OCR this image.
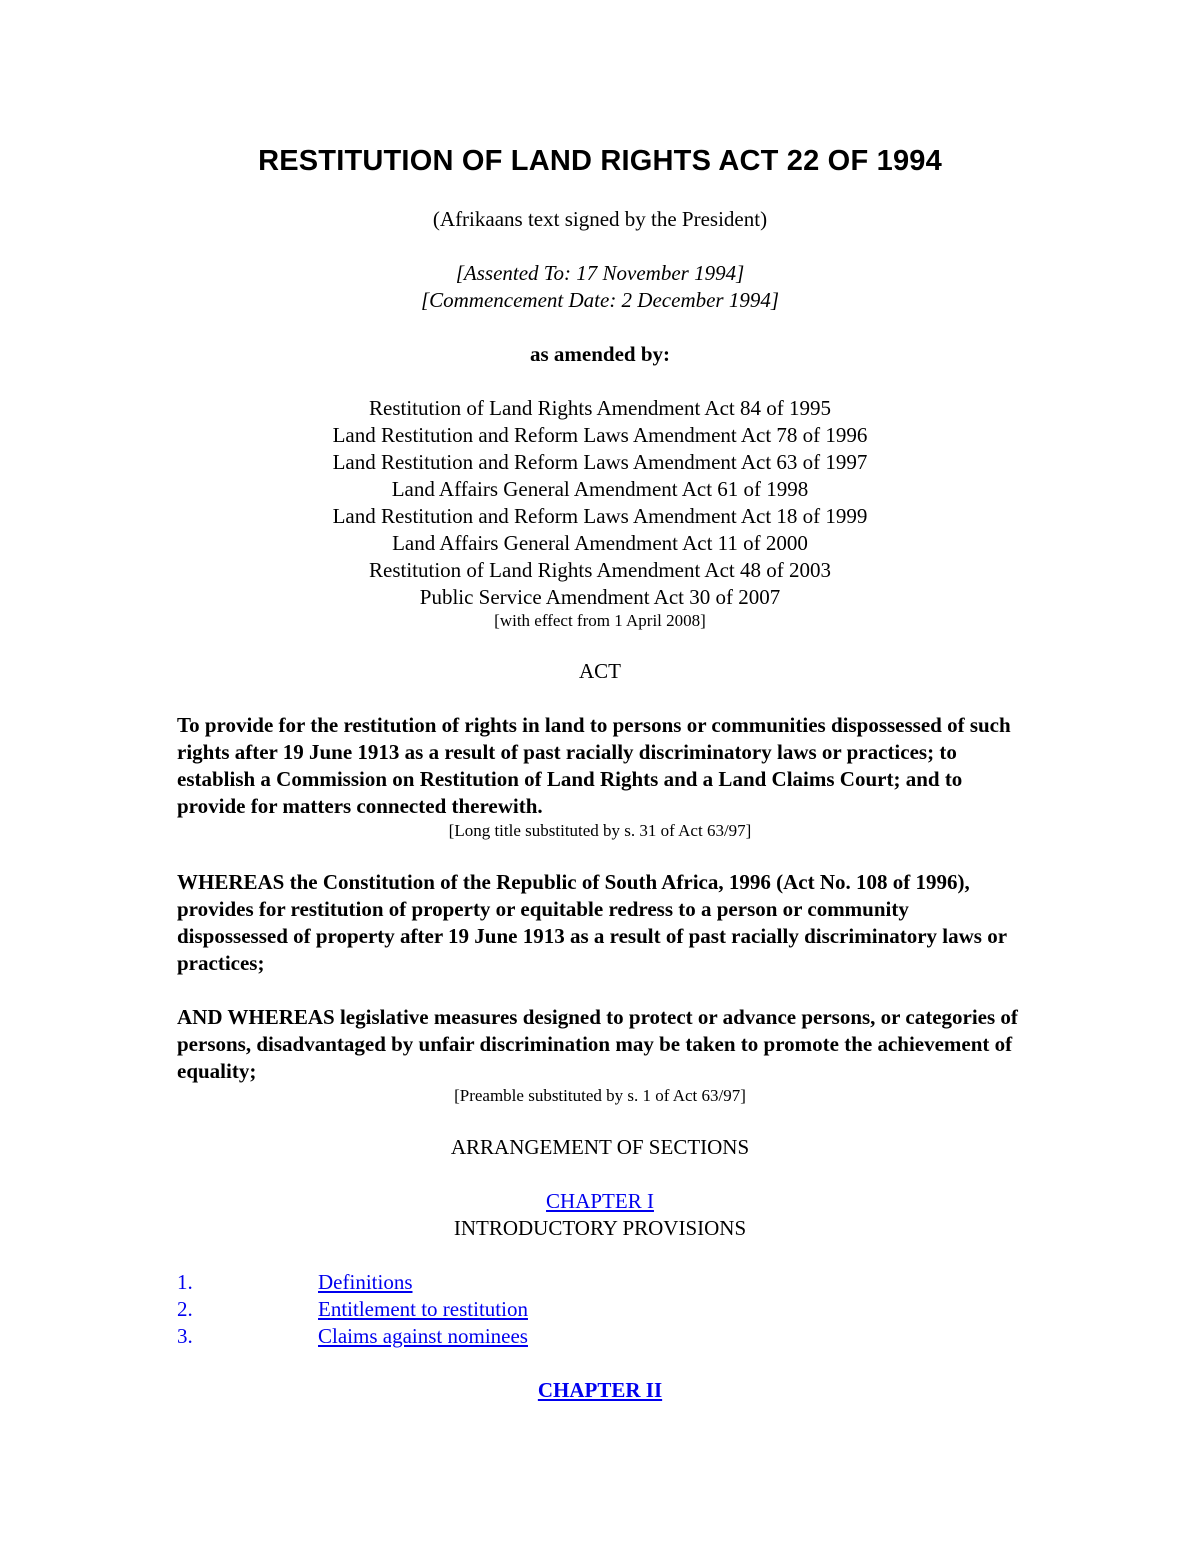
RESTITUTION OF LAND RIGHTS ACT 22 OF 1994
(Afrikaans text signed by the President)
[Assented To: 17 November 1994]
[Commencement Date: 2 December 1994]
as amended by:
Restitution of Land Rights Amendment Act 84 of 1995
Land Restitution and Reform Laws Amendment Act 78 of 1996
Land Restitution and Reform Laws Amendment Act 63 of 1997
Land Affairs General Amendment Act 61 of 1998
Land Restitution and Reform Laws Amendment Act 18 of 1999
Land Affairs General Amendment Act 11 of 2000
Restitution of Land Rights Amendment Act 48 of 2003
Public Service Amendment Act 30 of 2007
[with effect from 1 April 2008]
ACT
To provide for the restitution of rights in land to persons or communities dispossessed of such rights after 19 June 1913 as a result of past racially discriminatory laws or practices; to establish a Commission on Restitution of Land Rights and a Land Claims Court; and to provide for matters connected therewith.
[Long title substituted by s. 31 of Act 63/97]
WHEREAS the Constitution of the Republic of South Africa, 1996 (Act No. 108 of 1996), provides for restitution of property or equitable redress to a person or community dispossessed of property after 19 June 1913 as a result of past racially discriminatory laws or practices;
AND WHEREAS legislative measures designed to protect or advance persons, or categories of persons, disadvantaged by unfair discrimination may be taken to promote the achievement of equality;
[Preamble substituted by s. 1 of Act 63/97]
ARRANGEMENT OF SECTIONS
CHAPTER I
INTRODUCTORY PROVISIONS
1.	Definitions
2.	Entitlement to restitution
3.	Claims against nominees
CHAPTER II
